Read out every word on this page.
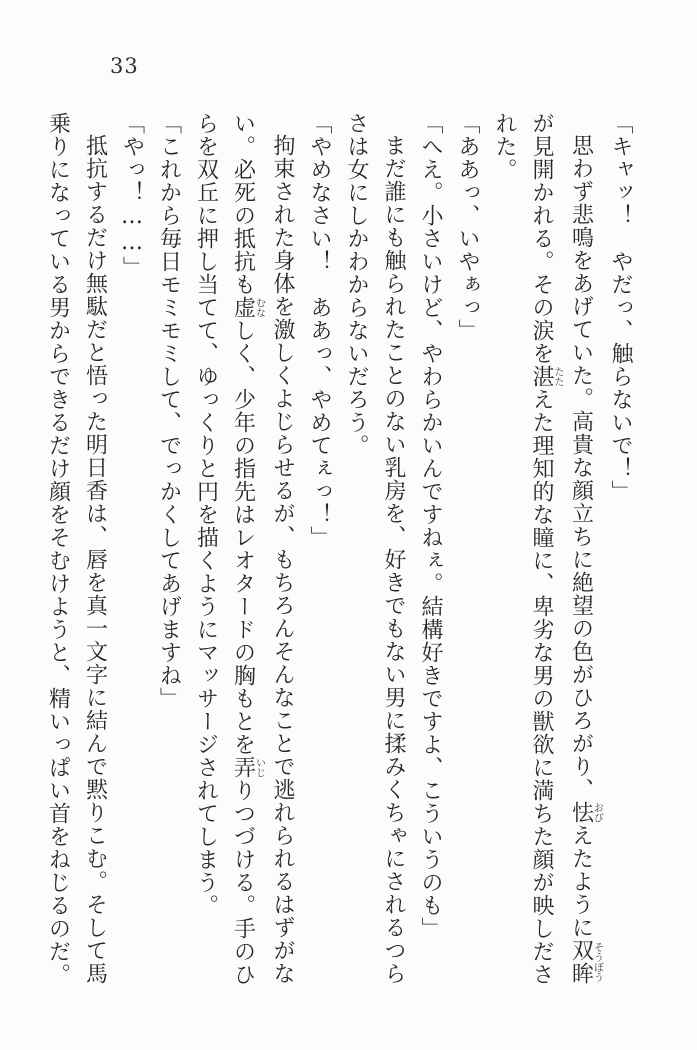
33

「キャッ！　やだっ、触らないで！」

思わず悲鳴をあげていた。高貴な顔立ちに絶望の色がひろがり、怯おびえたように双眸そうぼう

が見開かれる。その涙を湛たたえた理知的な瞳に、卑劣な男の獣欲に満ちた顔が映しださ

れた。

「ああっ、いやぁっ」

「へえ。小さいけど、やわらかいんですねぇ。結構好きですよ、こういうのも」

まだ誰にも触られたことのない乳房を、好きでもない男に揉みくちゃにされるつら

さは女にしかわからないだろう。

「やめなさい！　ああっ、やめてぇっ！」

拘束された身体を激しくよじらせるが、もちろんそんなことで逃れられるはずがな

い。必死の抵抗も虚むなしく、少年の指先はレオタードの胸もとを弄いじりつづける。手のひ

らを双丘に押し当てて、ゆっくりと円を描くようにマッサージされてしまう。

「これから毎日モミモミして、でっかくしてあげますね」

「やっ！……」

抵抗するだけ無駄だと悟った明日香は、唇を真一文字に結んで黙りこむ。そして馬

乗りになっている男からできるだけ顔をそむけようと、精いっぱい首をねじるのだ。
